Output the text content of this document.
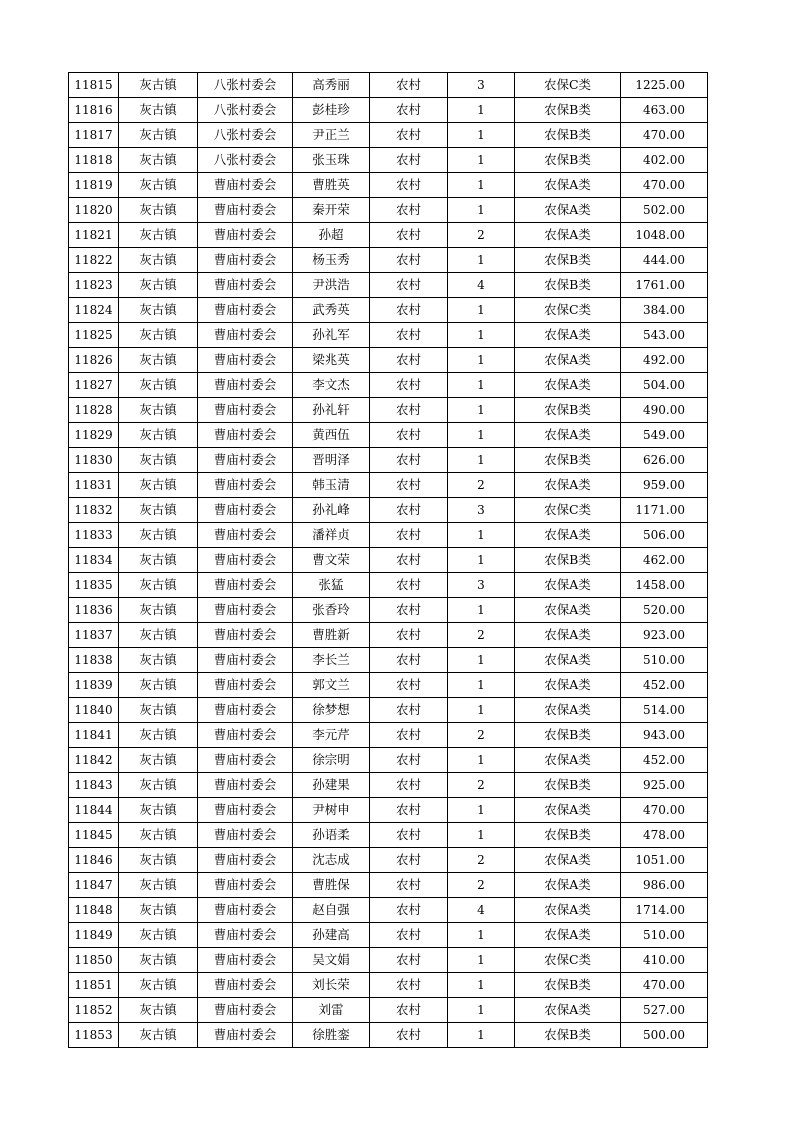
11815	灰古镇	八张村委会	高秀丽	农村	3	农保C类	1225.00
11816	灰古镇	八张村委会	彭桂珍	农村	1	农保B类	463.00
11817	灰古镇	八张村委会	尹正兰	农村	1	农保B类	470.00
11818	灰古镇	八张村委会	张玉珠	农村	1	农保B类	402.00
11819	灰古镇	曹庙村委会	曹胜英	农村	1	农保A类	470.00
11820	灰古镇	曹庙村委会	秦开荣	农村	1	农保A类	502.00
11821	灰古镇	曹庙村委会	孙超	农村	2	农保A类	1048.00
11822	灰古镇	曹庙村委会	杨玉秀	农村	1	农保B类	444.00
11823	灰古镇	曹庙村委会	尹洪浩	农村	4	农保B类	1761.00
11824	灰古镇	曹庙村委会	武秀英	农村	1	农保C类	384.00
11825	灰古镇	曹庙村委会	孙礼军	农村	1	农保A类	543.00
11826	灰古镇	曹庙村委会	梁兆英	农村	1	农保A类	492.00
11827	灰古镇	曹庙村委会	李文杰	农村	1	农保A类	504.00
11828	灰古镇	曹庙村委会	孙礼轩	农村	1	农保B类	490.00
11829	灰古镇	曹庙村委会	黄西伍	农村	1	农保A类	549.00
11830	灰古镇	曹庙村委会	晋明泽	农村	1	农保B类	626.00
11831	灰古镇	曹庙村委会	韩玉清	农村	2	农保A类	959.00
11832	灰古镇	曹庙村委会	孙礼峰	农村	3	农保C类	1171.00
11833	灰古镇	曹庙村委会	潘祥贞	农村	1	农保A类	506.00
11834	灰古镇	曹庙村委会	曹文荣	农村	1	农保B类	462.00
11835	灰古镇	曹庙村委会	张猛	农村	3	农保A类	1458.00
11836	灰古镇	曹庙村委会	张香玲	农村	1	农保A类	520.00
11837	灰古镇	曹庙村委会	曹胜新	农村	2	农保A类	923.00
11838	灰古镇	曹庙村委会	李长兰	农村	1	农保A类	510.00
11839	灰古镇	曹庙村委会	郭文兰	农村	1	农保A类	452.00
11840	灰古镇	曹庙村委会	徐梦想	农村	1	农保A类	514.00
11841	灰古镇	曹庙村委会	李元芹	农村	2	农保B类	943.00
11842	灰古镇	曹庙村委会	徐宗明	农村	1	农保A类	452.00
11843	灰古镇	曹庙村委会	孙建果	农村	2	农保B类	925.00
11844	灰古镇	曹庙村委会	尹树申	农村	1	农保A类	470.00
11845	灰古镇	曹庙村委会	孙语柔	农村	1	农保B类	478.00
11846	灰古镇	曹庙村委会	沈志成	农村	2	农保A类	1051.00
11847	灰古镇	曹庙村委会	曹胜保	农村	2	农保A类	986.00
11848	灰古镇	曹庙村委会	赵自强	农村	4	农保A类	1714.00
11849	灰古镇	曹庙村委会	孙建高	农村	1	农保A类	510.00
11850	灰古镇	曹庙村委会	吴文娟	农村	1	农保C类	410.00
11851	灰古镇	曹庙村委会	刘长荣	农村	1	农保B类	470.00
11852	灰古镇	曹庙村委会	刘雷	农村	1	农保A类	527.00
11853	灰古镇	曹庙村委会	徐胜銮	农村	1	农保B类	500.00
